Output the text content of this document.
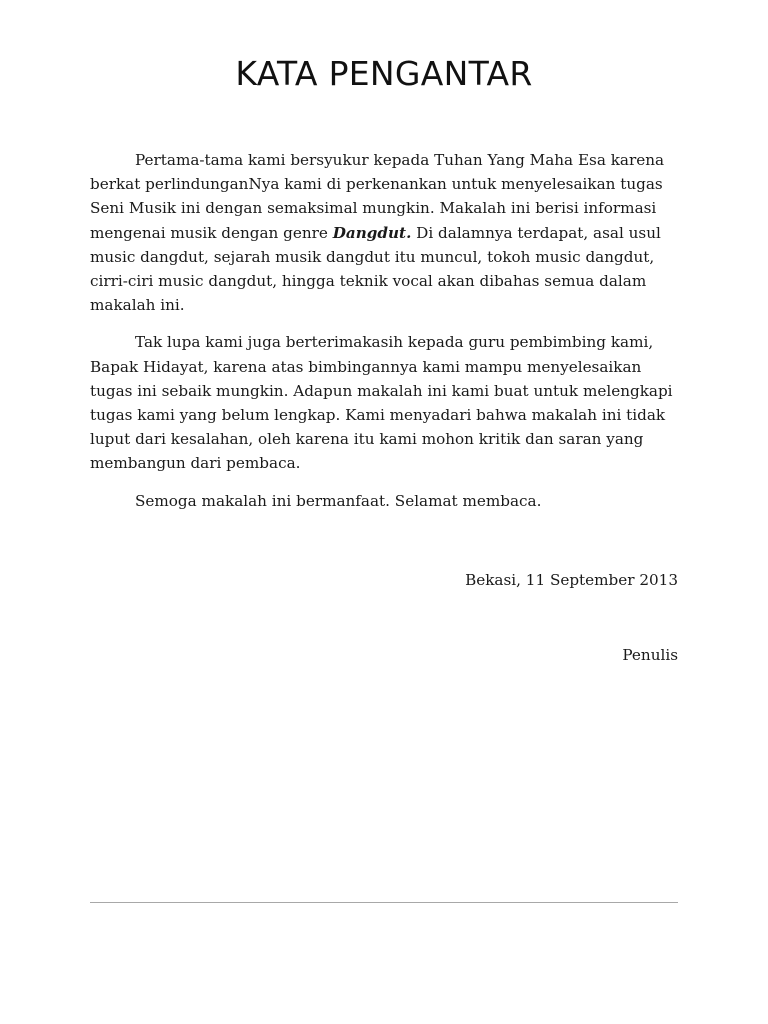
KATA PENGANTAR

Pertama-tama kami bersyukur kepada Tuhan Yang Maha Esa karena berkat perlindunganNya kami di perkenankan untuk menyelesaikan tugas Seni Musik ini dengan semaksimal mungkin. Makalah ini berisi informasi mengenai musik dengan genre Dangdut. Di dalamnya terdapat, asal usul music dangdut, sejarah musik dangdut itu muncul, tokoh music dangdut, cirri-ciri music dangdut, hingga teknik vocal akan dibahas semua dalam makalah ini.

Tak lupa kami juga berterimakasih kepada guru pembimbing kami, Bapak Hidayat, karena atas bimbingannya kami mampu menyelesaikan tugas ini sebaik mungkin. Adapun makalah ini kami buat untuk melengkapi tugas kami yang belum lengkap. Kami menyadari bahwa makalah ini tidak luput dari kesalahan, oleh karena itu kami mohon kritik dan saran yang membangun dari pembaca.

Semoga makalah ini bermanfaat. Selamat membaca.

Bekasi, 11 September 2013
Penulis
